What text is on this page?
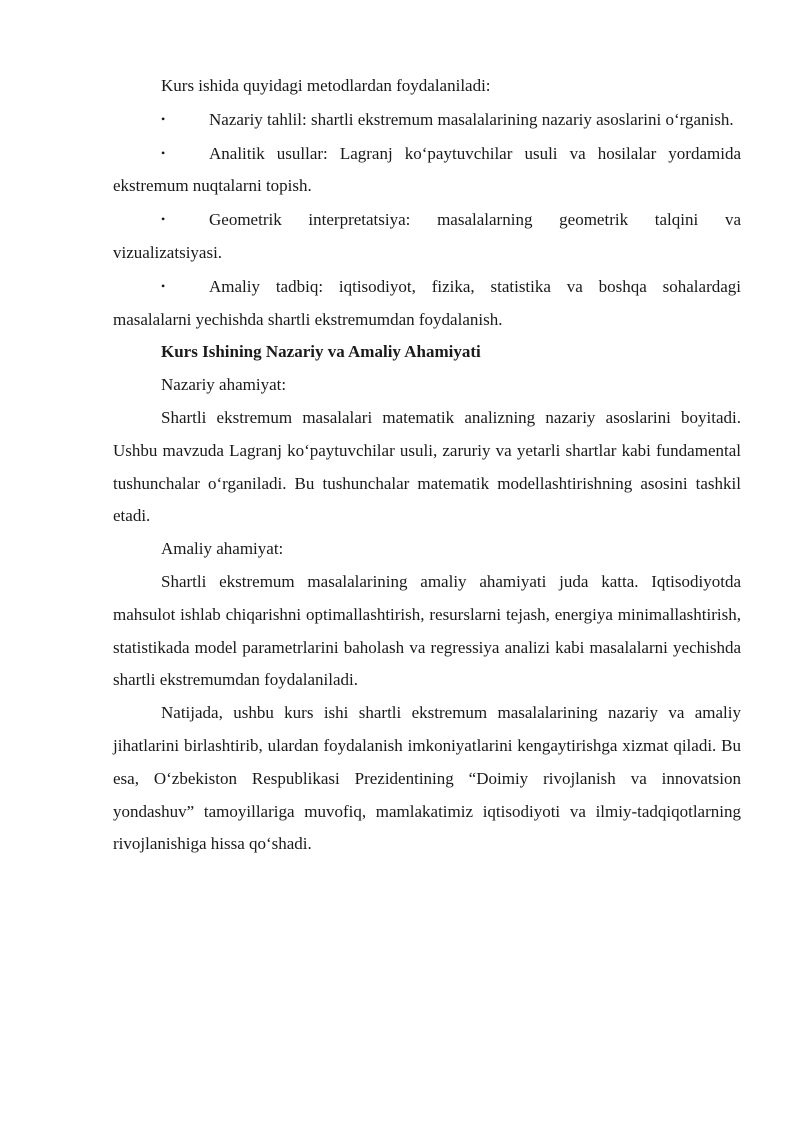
Kurs ishida quyidagi metodlardan foydalaniladi:

•	Nazariy tahlil: shartli ekstremum masalalarining nazariy asoslarini o‘rganish.

•	Analitik usullar: Lagranj ko‘paytuvchilar usuli va hosilalar yordamida ekstremum nuqtalarni topish.

•	Geometrik interpretatsiya: masalalarning geometrik talqini va vizualizatsiyasi.

•	Amaliy tadbiq: iqtisodiyot, fizika, statistika va boshqa sohalardagi masalalarni yechishda shartli ekstremumdan foydalanish.

Kurs Ishining Nazariy va Amaliy Ahamiyati

Nazariy ahamiyat:

Shartli ekstremum masalalari matematik analizning nazariy asoslarini boyitadi. Ushbu mavzuda Lagranj ko‘paytuvchilar usuli, zaruriy va yetarli shartlar kabi fundamental tushunchalar o‘rganiladi. Bu tushunchalar matematik modellashtirishning asosini tashkil etadi.

Amaliy ahamiyat:

Shartli ekstremum masalalarining amaliy ahamiyati juda katta. Iqtisodiyotda mahsulot ishlab chiqarishni optimallashtirish, resurslarni tejash, energiya minimallashtirish, statistikada model parametrlarini baholash va regressiya analizi kabi masalalarni yechishda shartli ekstremumdan foydalaniladi.

Natijada, ushbu kurs ishi shartli ekstremum masalalarining nazariy va amaliy jihatlarini birlashtirib, ulardan foydalanish imkoniyatlarini kengaytirishga xizmat qiladi. Bu esa, O‘zbekiston Respublikasi Prezidentining “Doimiy rivojlanish va innovatsion yondashuv” tamoyillariga muvofiq, mamlakatimiz iqtisodiyoti va ilmiy-tadqiqotlarning rivojlanishiga hissa qo‘shadi.
